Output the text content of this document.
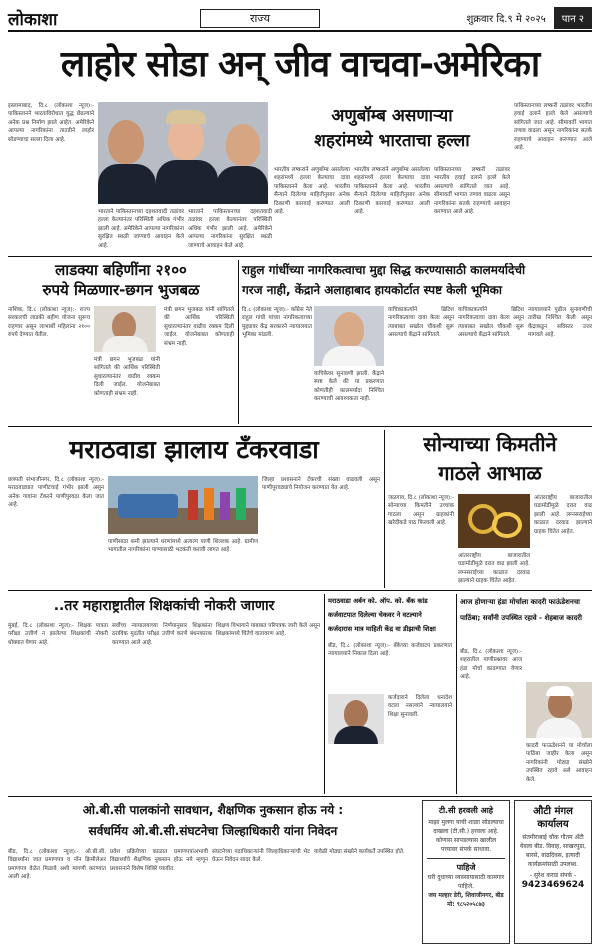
लोकाशा	राज्य	शुक्रवार दि.९ मे २०२५	पान २
लाहोर सोडा अन् जीव वाचवा-अमेरिका
इस्लामाबाद, दि.८ (लोकाशा न्यूज):- पाकिस्तानने भारताविरोधात युद्ध छेडल्याने अनेक प्रश्न निर्माण झाले आहेत. अमेरिकेने आपल्या नागरिकांना तातडीने लाहोर सोडण्याचा सल्ला दिला आहे.
भारताने पाकिस्तानच्या दहशतवादी तळांवर हल्ला केल्यानंतर परिस्थिती अधिक गंभीर झाली आहे. अमेरिकेने आपल्या नागरिकांना सुरक्षित स्थळी जाण्याचे आवाहन केले आहे.
भारताने पाकिस्तानच्या दहशतवादी तळांवर हल्ला केल्यानंतर परिस्थिती अधिक गंभीर झाली आहे. अमेरिकेने आपल्या नागरिकांना सुरक्षित स्थळी जाण्याचे आवाहन केले आहे.
अणुबॉम्ब असणाऱ्या
शहरांमध्ये भारताचा हल्ला
भारतीय लष्कराने अणुबॉम्ब असलेल्या शहरांमध्ये हल्ला केल्याचा दावा पाकिस्तानने केला आहे. भारतीय सैन्याने दिलेल्या माहितीनुसार अनेक ठिकाणी कारवाई करण्यात आली आहे.
भारतीय लष्कराने अणुबॉम्ब असलेल्या शहरांमध्ये हल्ला केल्याचा दावा पाकिस्तानने केला आहे. भारतीय सैन्याने दिलेल्या माहितीनुसार अनेक ठिकाणी कारवाई करण्यात आली आहे.
पाकिस्तानच्या लष्करी तळांवर भारतीय हवाई दलाने हल्ले केले असल्याचे सांगितले जात आहे. सीमावर्ती भागात तणाव वाढला असून नागरिकांना सतर्क राहण्याचे आवाहन करण्यात आले आहे.
पाकिस्तानच्या लष्करी तळांवर भारतीय हवाई दलाने हल्ले केले असल्याचे सांगितले जात आहे. सीमावर्ती भागात तणाव वाढला असून नागरिकांना सतर्क राहण्याचे आवाहन करण्यात आले आहे.
लाडक्या बहिणींना २१००
रुपये मिळणार-छगन भुजबळ
नाशिक, दि.८ (लोकाशा न्यूज):- राज्य सरकारची लाडकी बहीण योजना सुरूच राहणार असून लाभार्थी महिलांना २१०० रुपये देण्यात येतील.
मंत्री छगन भुजबळ यांनी सांगितले की आर्थिक परिस्थिती सुधारल्यानंतर वाढीव रक्कम दिली जाईल. योजनेबाबत कोणताही संभ्रम नाही.
मंत्री छगन भुजबळ यांनी सांगितले की आर्थिक परिस्थिती सुधारल्यानंतर वाढीव रक्कम दिली जाईल. योजनेबाबत कोणताही संभ्रम नाही.
राहुल गांधींच्या नागरिकत्वाचा मुद्दा सिद्ध करण्यासाठी कालमर्यादेची
गरज नाही, केंद्राने अलाहाबाद हायकोर्टात स्पष्ट केली भूमिका
दि.८ (लोकाशा न्यूज):- काँग्रेस नेते राहुल गांधी यांच्या नागरिकत्वाच्या मुद्द्यावर केंद्र सरकारने न्यायालयात भूमिका मांडली.
याचिकेवर सुनावणी झाली. केंद्राने स्पष्ट केले की या प्रकरणात कोणतीही कालमर्यादा निश्चित करण्याची आवश्यकता नाही.
याचिकाकर्त्याने ब्रिटिश नागरिकत्वाचा दावा केला असून त्याबाबत सखोल चौकशी सुरू असल्याचे केंद्राने सांगितले.
याचिकाकर्त्याने ब्रिटिश नागरिकत्वाचा दावा केला असून त्याबाबत सखोल चौकशी सुरू असल्याचे केंद्राने सांगितले.
न्यायालयाने पुढील सुनावणीची तारीख निश्चित केली असून केंद्राकडून सविस्तर उत्तर मागवले आहे.
मराठवाडा झालाय टँकरवाडा
छत्रपती संभाजीनगर, दि.८ (लोकाशा न्यूज):- मराठवाड्यात पाणीटंचाई गंभीर झाली असून अनेक गावांना टँकरने पाणीपुरवठा केला जात आहे.
पाणीसाठा कमी झाल्याने धरणांमध्ये अत्यल्प पाणी शिल्लक आहे. ग्रामीण भागातील नागरिकांना पाण्यासाठी भटकंती करावी लागत आहे.
जिल्हा प्रशासनाने टँकरची संख्या वाढवली असून पाणीपुरवठ्याचे नियोजन करण्यात येत आहे.
सोन्याच्या किमतीने
गाठले आभाळ
जळगाव, दि.८ (लोकाशा न्यूज):- सोन्याच्या किमतीने उच्चांक गाठला असून ग्राहकांनी खरेदीकडे पाठ फिरवली आहे.
आंतरराष्ट्रीय बाजारातील घडामोडींमुळे दरात वाढ झाली आहे. लग्नसराईच्या काळात दरवाढ झाल्याने ग्राहक चिंतेत आहेत.
आंतरराष्ट्रीय बाजारातील घडामोडींमुळे दरात वाढ झाली आहे. लग्नसराईच्या काळात दरवाढ झाल्याने ग्राहक चिंतेत आहेत.
..तर महाराष्ट्रातील शिक्षकांची नोकरी जाणार
मुंबई, दि.८ (लोकाशा न्यूज):- शिक्षक पात्रता परीक्षा उत्तीर्ण न झालेल्या शिक्षकांची नोकरी धोक्यात येणार आहे.
सर्वोच्च न्यायालयाच्या निर्णयानुसार शिक्षकांना ठराविक मुदतीत परीक्षा उत्तीर्ण करणे बंधनकारक करण्यात आले आहे.
शिक्षण विभागाने याबाबत परिपत्रक जारी केले असून शिक्षकांमध्ये चिंतेचे वातावरण आहे.
मराठवाडा अर्बन को. ऑप. को. बँक कांड
कर्जवाटपात दिलेल्या चेकवर ने वटल्याने
कर्जदारास मात्र माहिती केंद्र वा डीझाची शिक्षा
बीड, दि.८ (लोकाशा न्यूज):- बँकेच्या कर्जवाटप प्रकरणात न्यायालयाने निकाल दिला आहे.
कर्जदाराने दिलेला धनादेश वटला नसल्याने न्यायालयाने शिक्षा सुनावली.
आज होणाऱ्या हंडा मोर्चाला कादरी फाऊंडेशनचा
पाठिंबा; सर्वांनी उपस्थित रहावे - शेहबाज कादरी
बीड, दि.८ (लोकाशा न्यूज):- शहरातील पाणीप्रश्नावर आज हंडा मोर्चा काढण्यात येणार आहे.
कादरी फाऊंडेशनने या मोर्चाला पाठिंबा जाहीर केला असून नागरिकांनी मोठ्या संख्येने उपस्थित रहावे असे आवाहन केले.
ओ.बी.सी पालकांनो सावधान, शैक्षणिक नुकसान होऊ नये :
सर्वधर्मिय ओ.बी.सी.संघटनेचा जिल्हाधिकारी यांना निवेदन
बीड, दि.८ (लोकाशा न्यूज):- ओ.बी.सी. विद्यार्थ्यांना जात प्रमाणपत्र व नॉन क्रिमीलेअर प्रमाणपत्र वेळेत मिळावे अशी मागणी करण्यात आली आहे.
प्रवेश प्रक्रियेच्या काळात प्रमाणपत्रांअभावी विद्यार्थ्यांचे शैक्षणिक नुकसान होऊ नये म्हणून प्रशासनाने विशेष शिबिरे घ्यावीत.
संघटनेच्या पदाधिकाऱ्यांनी जिल्हाधिकाऱ्यांची भेट घेऊन निवेदन सादर केले.
यावेळी मोठ्या संख्येने कार्यकर्ते उपस्थित होते.
टी.सी हरवली आहे
माझा मुलगा याची शाळा सोडल्याचा दाखला (टी.सी.) हरवला आहे. कोणास सापडल्यास खालील पत्त्यावर संपर्क साधावा.
पाहिजे
घरी दुधाच्या व्यवसायासाठी कामगार पाहिजे.
जय मल्हार डेरी, शिवाजीनगर, बीड
मो: ९८५२०५८७३
औटी मंगल
कार्यालय
संतमीराबाई चौक गौतम अँटी येवला बीड. विवाह, साखरपुडा, बारसे, वाढदिवस, इत्यादी कार्यक्रमांसाठी उपलब्ध.
- सुरेश कराड संपर्क -
9423469624
